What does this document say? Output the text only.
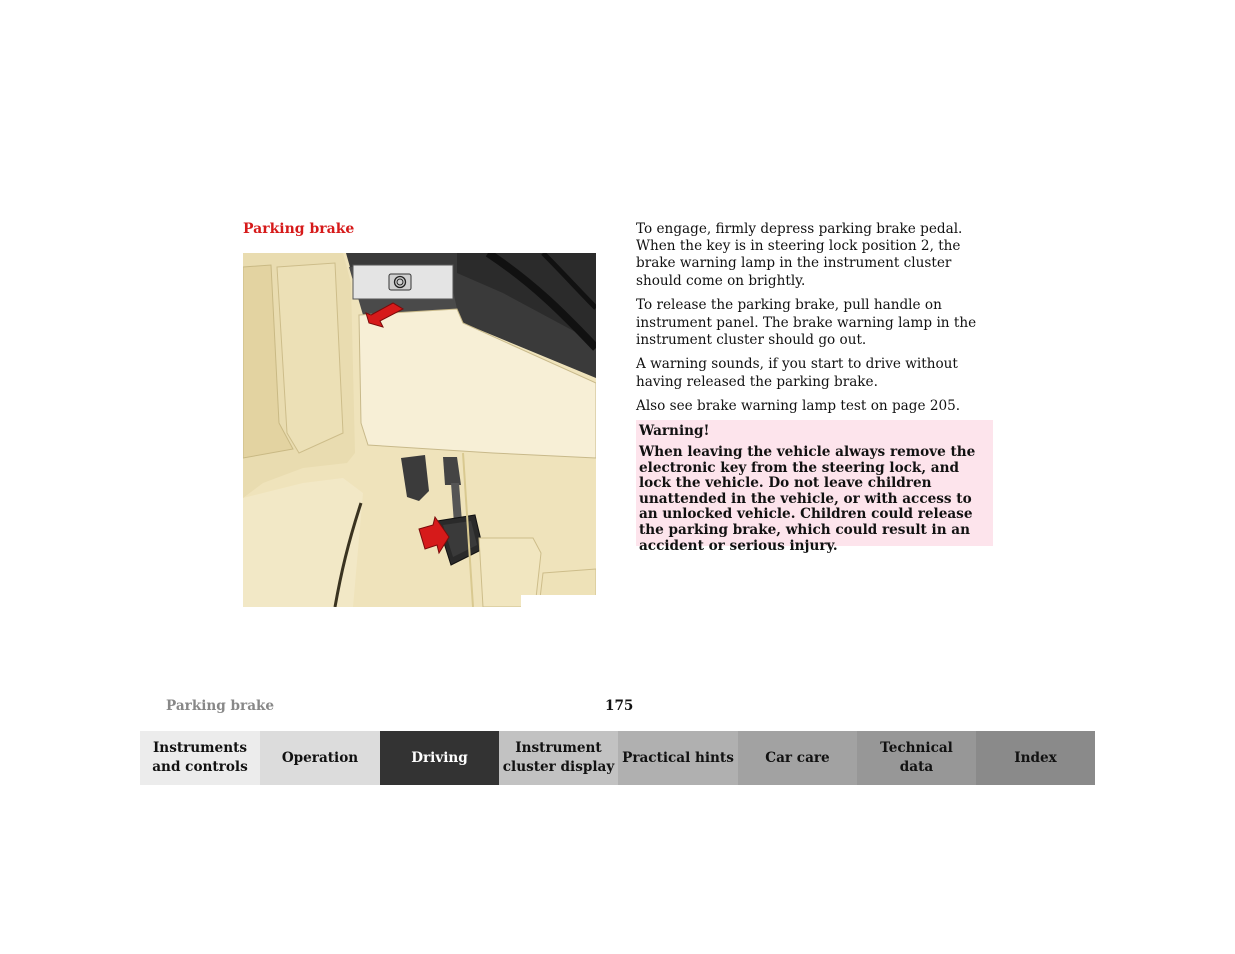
Parking brake	To engage, firmly depress parking brake pedal. When the key is in steering lock position 2, the brake warning lamp in the instrument cluster should come on brightly.

To release the parking brake, pull handle on instrument panel. The brake warning lamp in the instrument cluster should go out.

A warning sounds, if you start to drive without having released the parking brake.

Also see brake warning lamp test on page 205.

Warning!
When leaving the vehicle always remove the electronic key from the steering lock, and lock the vehicle. Do not leave children unattended in the vehicle, or with access to an unlocked vehicle. Children could release the parking brake, which could result in an accident or serious injury.
Parking brake	175
Instruments
and controls
Operation	Driving
Instrument
cluster display
Practical hints	Car care
Technical
data
Index
